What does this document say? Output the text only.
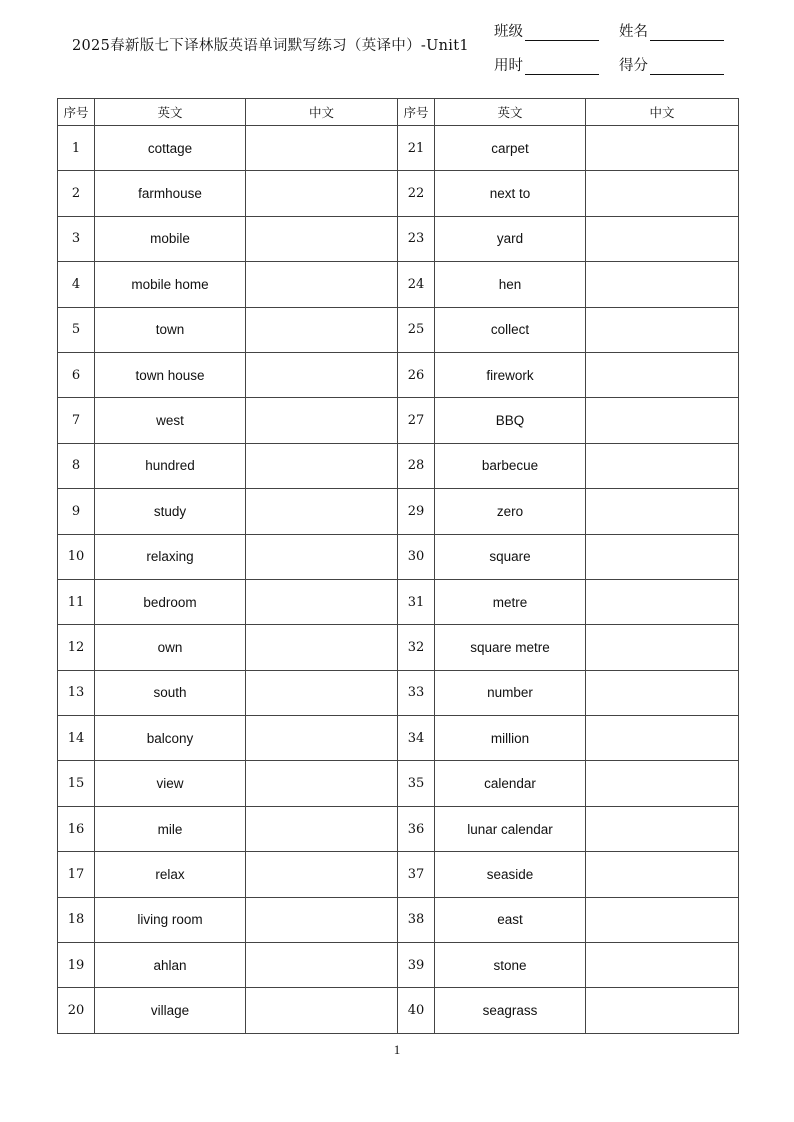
2025春新版七下译林版英语单词默写练习（英译中）-Unit1
班级	姓名
用时	得分
序号	英文	中文	序号	英文	中文
1	cottage		21	carpet	
2	farmhouse		22	next to	
3	mobile		23	yard	
4	mobile home		24	hen	
5	town		25	collect	
6	town house		26	firework	
7	west		27	BBQ	
8	hundred		28	barbecue	
9	study		29	zero	
10	relaxing		30	square	
11	bedroom		31	metre	
12	own		32	square metre	
13	south		33	number	
14	balcony		34	million	
15	view		35	calendar	
16	mile		36	lunar calendar	
17	relax		37	seaside	
18	living room		38	east	
19	ahlan		39	stone	
20	village		40	seagrass	
1
